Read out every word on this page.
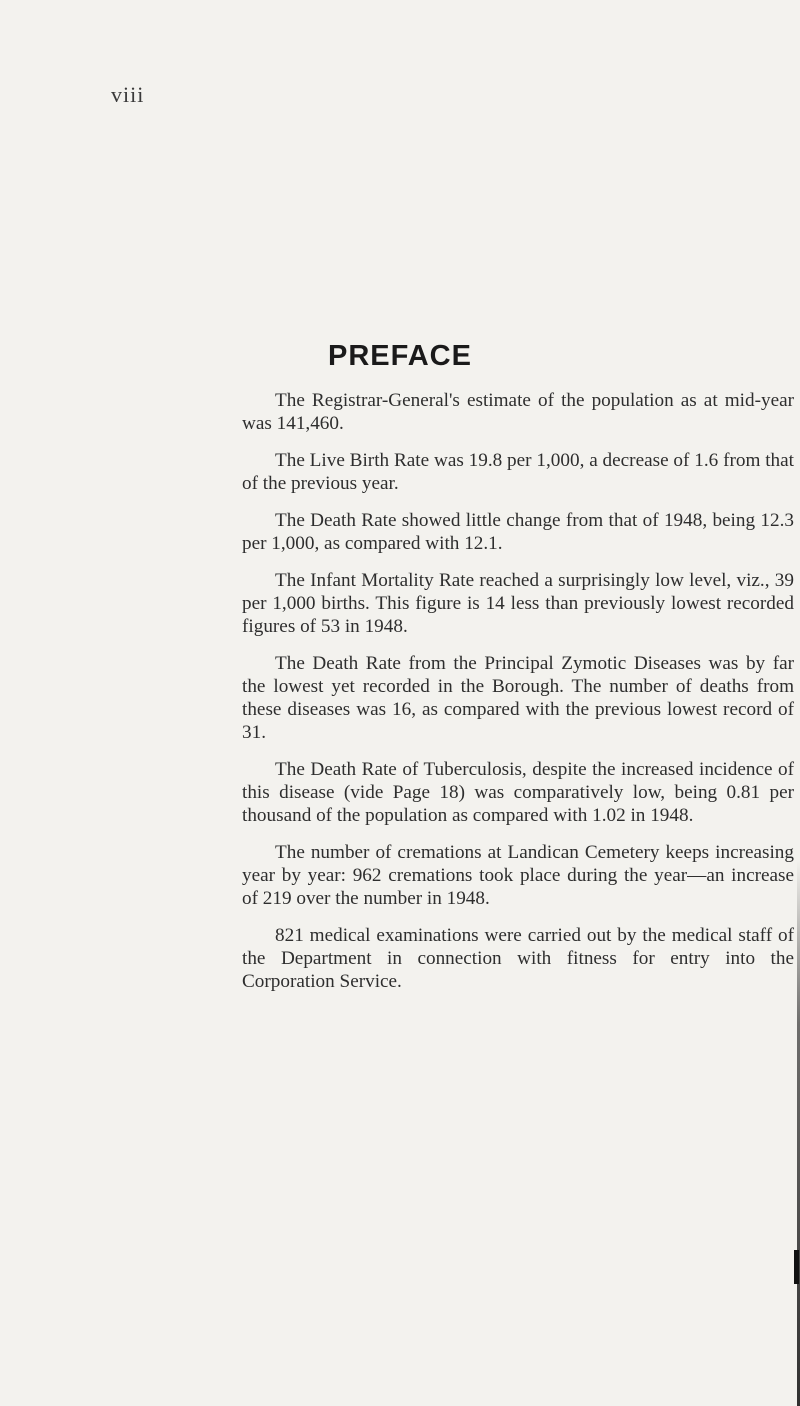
viii
PREFACE

The Registrar-General's estimate of the population as at mid-year was 141,460.

The Live Birth Rate was 19.8 per 1,000, a decrease of 1.6 from that of the previous year.

The Death Rate showed little change from that of 1948, being 12.3 per 1,000, as compared with 12.1.

The Infant Mortality Rate reached a surprisingly low level, viz., 39 per 1,000 births. This figure is 14 less than previously lowest recorded figures of 53 in 1948.

The Death Rate from the Principal Zymotic Diseases was by far the lowest yet recorded in the Borough. The number of deaths from these diseases was 16, as compared with the previous lowest record of 31.

The Death Rate of Tuberculosis, despite the increased incidence of this disease (vide Page 18) was comparatively low, being 0.81 per thousand of the population as compared with 1.02 in 1948.

The number of cremations at Landican Cemetery keeps increasing year by year: 962 cremations took place during the year—an increase of 219 over the number in 1948.

821 medical examinations were carried out by the medical staff of the Department in connection with fitness for entry into the Corporation Service.
